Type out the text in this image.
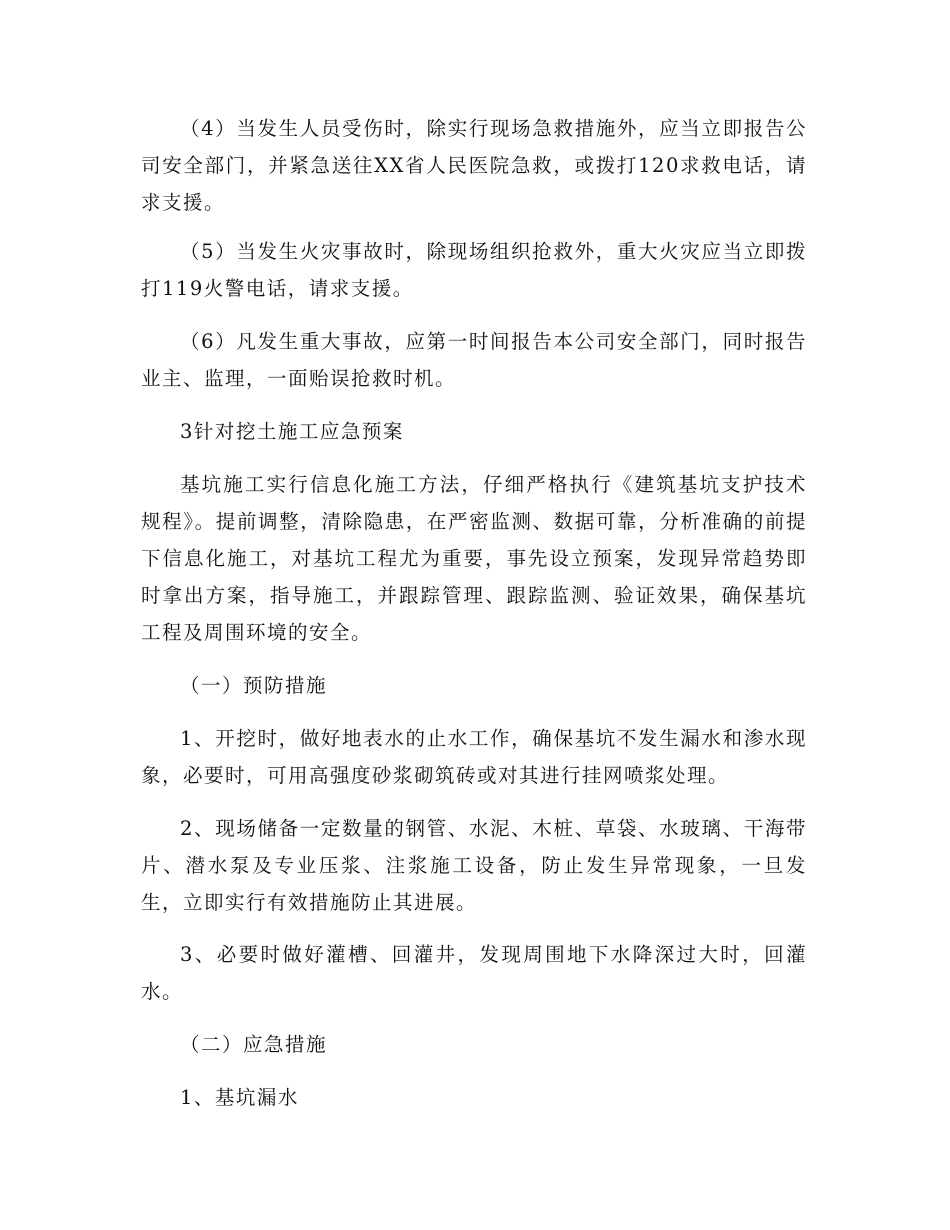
（4）当发生人员受伤时，除实行现场急救措施外，应当立即报告公司安全部门，并紧急送往XX省人民医院急救，或拨打120求救电话，请求支援。

（5）当发生火灾事故时，除现场组织抢救外，重大火灾应当立即拨打119火警电话，请求支援。

（6）凡发生重大事故，应第一时间报告本公司安全部门，同时报告业主、监理，一面贻误抢救时机。

3针对挖土施工应急预案

基坑施工实行信息化施工方法，仔细严格执行《建筑基坑支护技术规程》。提前调整，清除隐患，在严密监测、数据可靠，分析准确的前提下信息化施工，对基坑工程尤为重要，事先设立预案，发现异常趋势即时拿出方案，指导施工，并跟踪管理、跟踪监测、验证效果，确保基坑工程及周围环境的安全。

（一）预防措施

1、开挖时，做好地表水的止水工作，确保基坑不发生漏水和渗水现象，必要时，可用高强度砂浆砌筑砖或对其进行挂网喷浆处理。

2、现场储备一定数量的钢管、水泥、木桩、草袋、水玻璃、干海带片、潜水泵及专业压浆、注浆施工设备，防止发生异常现象，一旦发生，立即实行有效措施防止其进展。

3、必要时做好灌槽、回灌井，发现周围地下水降深过大时，回灌水。

（二）应急措施

1、基坑漏水
